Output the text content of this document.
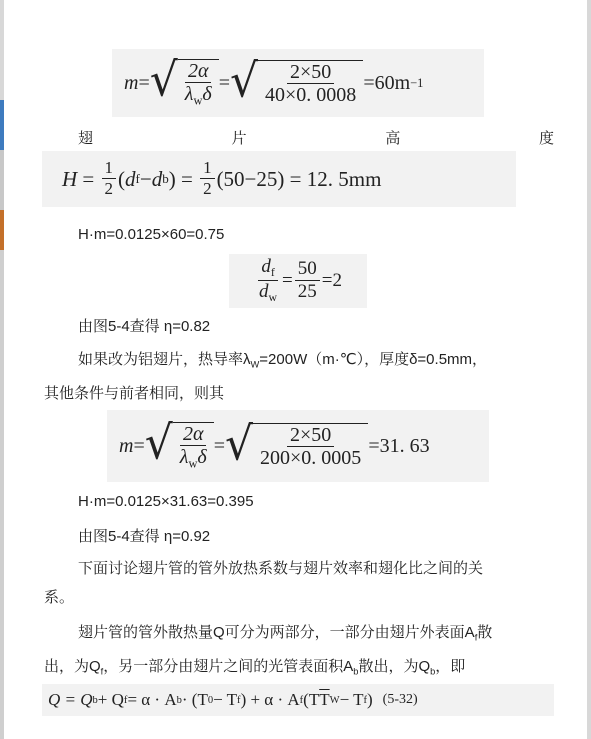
m = √ $\frac{2\alpha}{\lambda_w\delta}$ = √ $\frac{2\times 50}{40\times 0. 0008} = 60m -1$
翅	片	高	度
$H = \frac{1}{2}$ ( d f − d b ) = $\frac{1}{2} (50-25) = 12$. 5mm
H·m=0.0125×60=0.75
$\frac{d_f}{d_w} = \frac{50}{25} = 2$
由图5-4查得 η=0.82
如果改为铝翅片，热导率$\lambda_W=200W(m\cdot℃)$，厚度δ=0.5mm，
其他条件与前者相同，则其
m = √ $\frac{2\alpha}{\lambda_w\delta}$ = √ $\frac{2\times 50}{200\times 0. 0005} = 31$. 63
H·m=0.0125×31.63=0.395
由图5-4查得 η=0.92
下面讨论翅片管的管外放热系数与翅片效率和翅化比之间的关
系。
翅片管的管外散热量Q可分为两部分，一部分由翅片外表面$A_f$散
出，为$Q_f$，另一部分由翅片之间的光管表面积$A_b$散出，为$Q_b$，即
Q = Q b + Q f = α · A b · (T 0 − T f ) + α · A f (T $\overline{T}$ W − T f ) (5-32)
